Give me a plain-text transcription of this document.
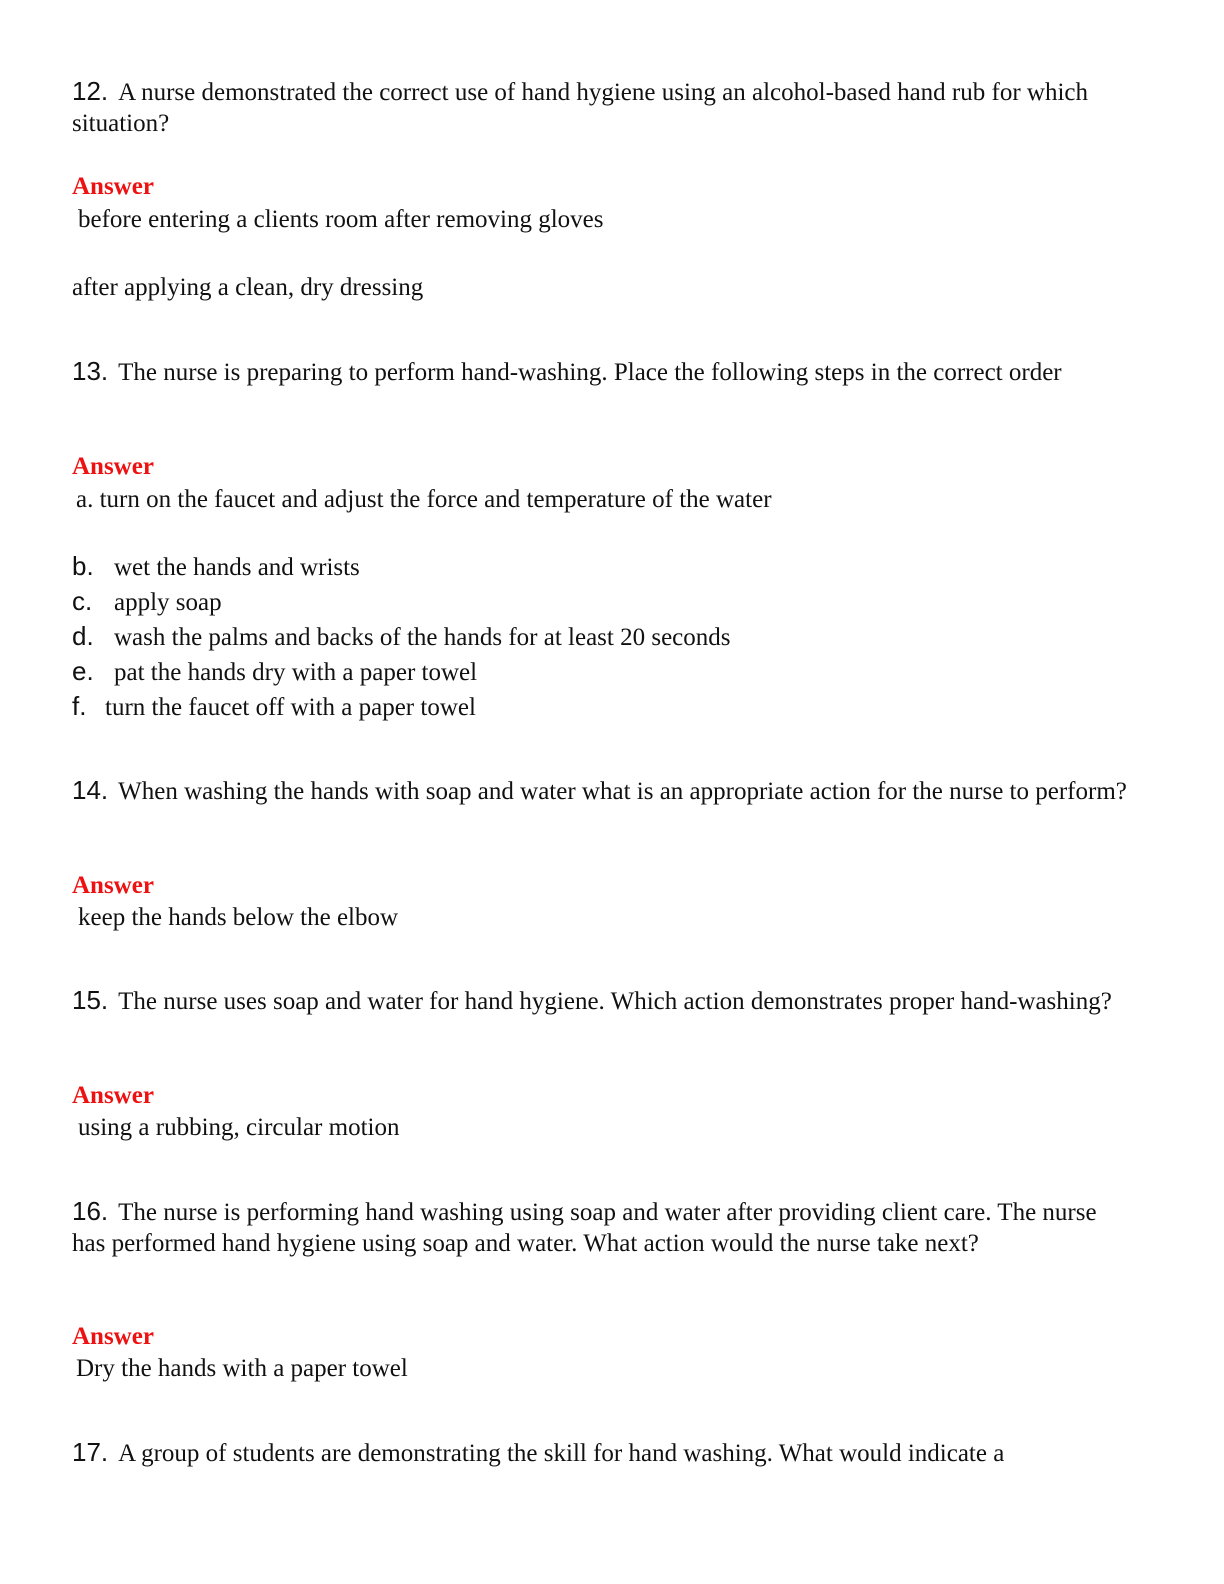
12. A nurse demonstrated the correct use of hand hygiene using an alcohol-based hand rub for which situation?

Answer
before entering a clients room after removing gloves
after applying a clean, dry dressing

13. The nurse is preparing to perform hand-washing. Place the following steps in the correct order

Answer
a. turn on the faucet and adjust the force and temperature of the water
b. wet the hands and wrists
c. apply soap
d. wash the palms and backs of the hands for at least 20 seconds
e. pat the hands dry with a paper towel
f. turn the faucet off with a paper towel

14. When washing the hands with soap and water what is an appropriate action for the nurse to perform?

Answer
keep the hands below the elbow

15. The nurse uses soap and water for hand hygiene. Which action demonstrates proper hand-washing?

Answer
using a rubbing, circular motion

16. The nurse is performing hand washing using soap and water after providing client care. The nurse has performed hand hygiene using soap and water. What action would the nurse take next?

Answer
Dry the hands with a paper towel

17. A group of students are demonstrating the skill for hand washing. What would indicate a
